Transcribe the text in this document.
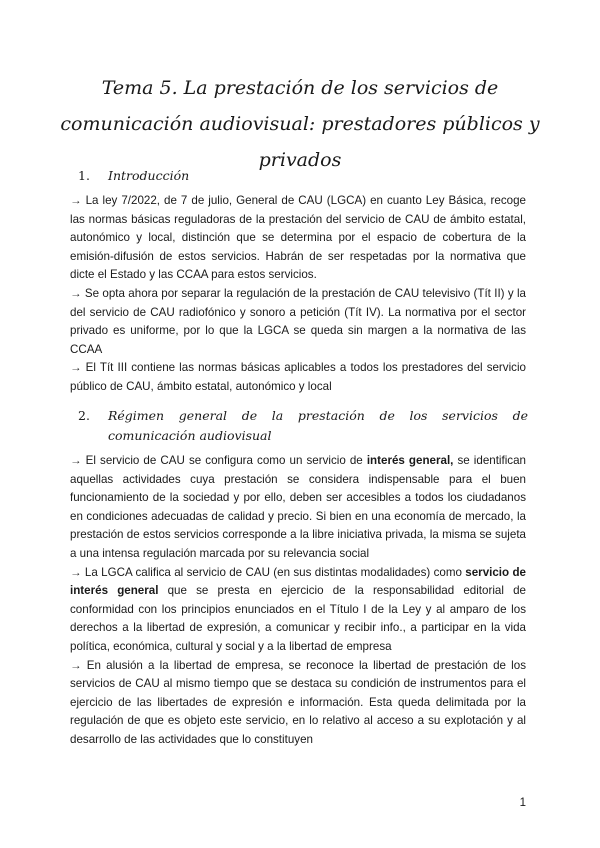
Tema 5. La prestación de los servicios de comunicación audiovisual: prestadores públicos y privados
1.	Introducción

→ La ley 7/2022, de 7 de julio, General de CAU (LGCA) en cuanto Ley Básica, recoge las normas básicas reguladoras de la prestación del servicio de CAU de ámbito estatal, autonómico y local, distinción que se determina por el espacio de cobertura de la emisión-difusión de estos servicios. Habrán de ser respetadas por la normativa que dicte el Estado y las CCAA para estos servicios.

→ Se opta ahora por separar la regulación de la prestación de CAU televisivo (Tít II) y la del servicio de CAU radiofónico y sonoro a petición (Tít IV). La normativa por el sector privado es uniforme, por lo que la LGCA se queda sin margen a la normativa de las CCAA

→ El Tít III contiene las normas básicas aplicables a todos los prestadores del servicio público de CAU, ámbito estatal, autonómico y local

2.	Régimen general de la prestación de los servicios de comunicación audiovisual

→ El servicio de CAU se configura como un servicio de interés general, se identifican aquellas actividades cuya prestación se considera indispensable para el buen funcionamiento de la sociedad y por ello, deben ser accesibles a todos los ciudadanos en condiciones adecuadas de calidad y precio. Si bien en una economía de mercado, la prestación de estos servicios corresponde a la libre iniciativa privada, la misma se sujeta a una intensa regulación marcada por su relevancia social

→ La LGCA califica al servicio de CAU (en sus distintas modalidades) como servicio de interés general que se presta en ejercicio de la responsabilidad editorial de conformidad con los principios enunciados en el Título I de la Ley y al amparo de los derechos a la libertad de expresión, a comunicar y recibir info., a participar en la vida política, económica, cultural y social y a la libertad de empresa

→ En alusión a la libertad de empresa, se reconoce la libertad de prestación de los servicios de CAU al mismo tiempo que se destaca su condición de instrumentos para el ejercicio de las libertades de expresión e información. Esta queda delimitada por la regulación de que es objeto este servicio, en lo relativo al acceso a su explotación y al desarrollo de las actividades que lo constituyen

1
